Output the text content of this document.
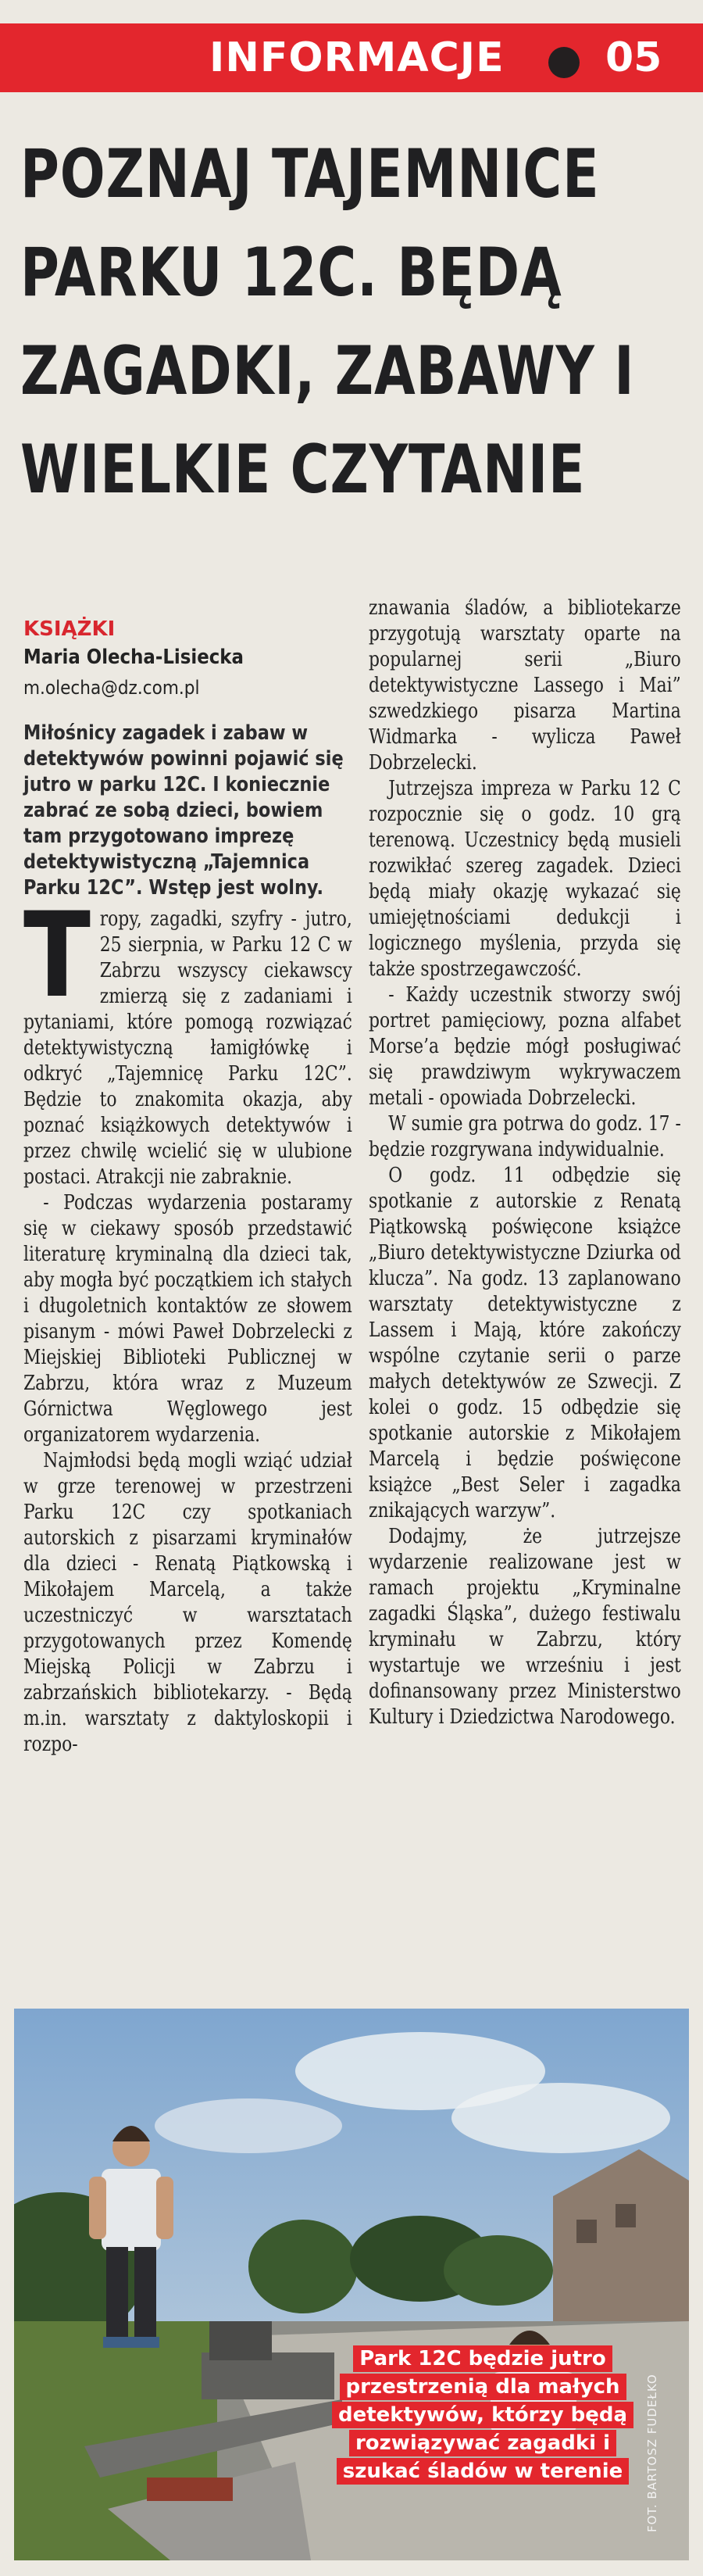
INFORMACJE	05
POZNAJ TAJEMNICE PARKU 12C. BĘDĄ ZAGADKI, ZABAWY I WIELKIE CZYTANIE
KSIĄŻKI
Maria Olecha-Lisiecka
m.olecha@dz.com.pl
Miłośnicy zagadek i zabaw w detektywów powinni pojawić się jutro w parku 12C. I koniecznie zabrać ze sobą dzieci, bowiem tam przygotowano imprezę detektywistyczną „Tajemnica Parku 12C”. Wstęp jest wolny.

Tropy, zagadki, szyfry - jutro, 25 sierpnia, w Parku 12 C w Zabrzu wszyscy ciekawscy zmierzą się z zadaniami i pytaniami, które pomogą rozwiązać detektywistyczną łamigłówkę i odkryć „Tajemnicę Parku 12C”. Będzie to znakomita okazja, aby poznać książkowych detektywów i przez chwilę wcielić się w ulubione postaci. Atrakcji nie zabraknie.

- Podczas wydarzenia postaramy się w ciekawy sposób przedstawić literaturę kryminalną dla dzieci tak, aby mogła być początkiem ich stałych i długoletnich kontaktów ze słowem pisanym - mówi Paweł Dobrzelecki z Miejskiej Biblioteki Publicznej w Zabrzu, która wraz z Muzeum Górnictwa Węglowego jest organizatorem wydarzenia.

Najmłodsi będą mogli wziąć udział w grze terenowej w przestrzeni Parku 12C czy spotkaniach autorskich z pisarzami kryminałów dla dzieci - Renatą Piątkowską i Mikołajem Marcelą, a także uczestniczyć w warsztatach przygotowanych przez Komendę Miejską Policji w Zabrzu i zabrzańskich bibliotekarzy. - Będą m.in. warsztaty z daktyloskopii i rozpo-

znawania śladów, a bibliotekarze przygotują warsztaty oparte na popularnej serii „Biuro detektywistyczne Lassego i Mai” szwedzkiego pisarza Martina Widmarka - wylicza Paweł Dobrzelecki.

Jutrzejsza impreza w Parku 12 C rozpocznie się o godz. 10 grą terenową. Uczestnicy będą musieli rozwikłać szereg zagadek. Dzieci będą miały okazję wykazać się umiejętnościami dedukcji i logicznego myślenia, przyda się także spostrzegawczość.

- Każdy uczestnik stworzy swój portret pamięciowy, pozna alfabet Morse’a będzie mógł posługiwać się prawdziwym wykrywaczem metali - opowiada Dobrzelecki.

W sumie gra potrwa do godz. 17 - będzie rozgrywana indywidualnie.

O godz. 11 odbędzie się spotkanie z autorskie z Renatą Piątkowską poświęcone książce „Biuro detektywistyczne Dziurka od klucza”. Na godz. 13 zaplanowano warsztaty detektywistyczne z Lassem i Mają, które zakończy wspólne czytanie serii o parze małych detektywów ze Szwecji. Z kolei o godz. 15 odbędzie się spotkanie autorskie z Mikołajem Marcelą i będzie poświęcone książce „Best Seler i zagadka znikających warzyw”.

Dodajmy, że jutrzejsze wydarzenie realizowane jest w ramach projektu „Kryminalne zagadki Śląska”, dużego festiwalu kryminału w Zabrzu, który wystartuje we wrześniu i jest dofinansowany przez Ministerstwo Kultury i Dziedzictwa Narodowego.

Park 12C będzie jutro przestrzenią dla małych detektywów, którzy będą rozwiązywać zagadki i szukać śladów w terenie	FOT. BARTOSZ FUDEŁKO
